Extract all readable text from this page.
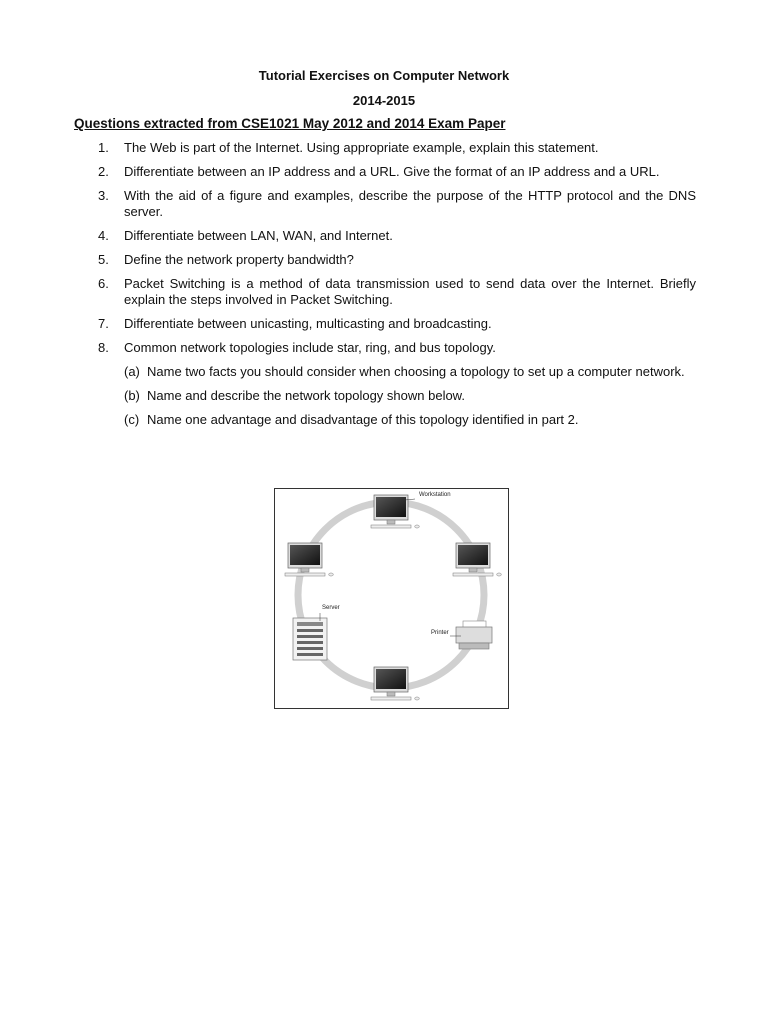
Tutorial Exercises on Computer Network
2014-2015
Questions extracted from CSE1021 May 2012 and 2014 Exam Paper
1.	The Web is part of the Internet. Using appropriate example, explain this statement.
2.	Differentiate between an IP address and a URL. Give the format of an IP address and a URL.
3.	With the aid of a figure and examples, describe the purpose of the HTTP protocol and the DNS server.
4.	Differentiate between LAN, WAN, and Internet.
5.	Define the network property bandwidth?
6.	Packet Switching is a method of data transmission used to send data over the Internet. Briefly explain the steps involved in Packet Switching.
7.	Differentiate between unicasting, multicasting and broadcasting.
8.	Common network topologies include star, ring, and bus topology.
(a) Name two facts you should consider when choosing a topology to set up a computer network.
(b) Name and describe the network topology shown below.
(c) Name one advantage and disadvantage of this topology identified in part 2.
Workstation
Server
Printer
